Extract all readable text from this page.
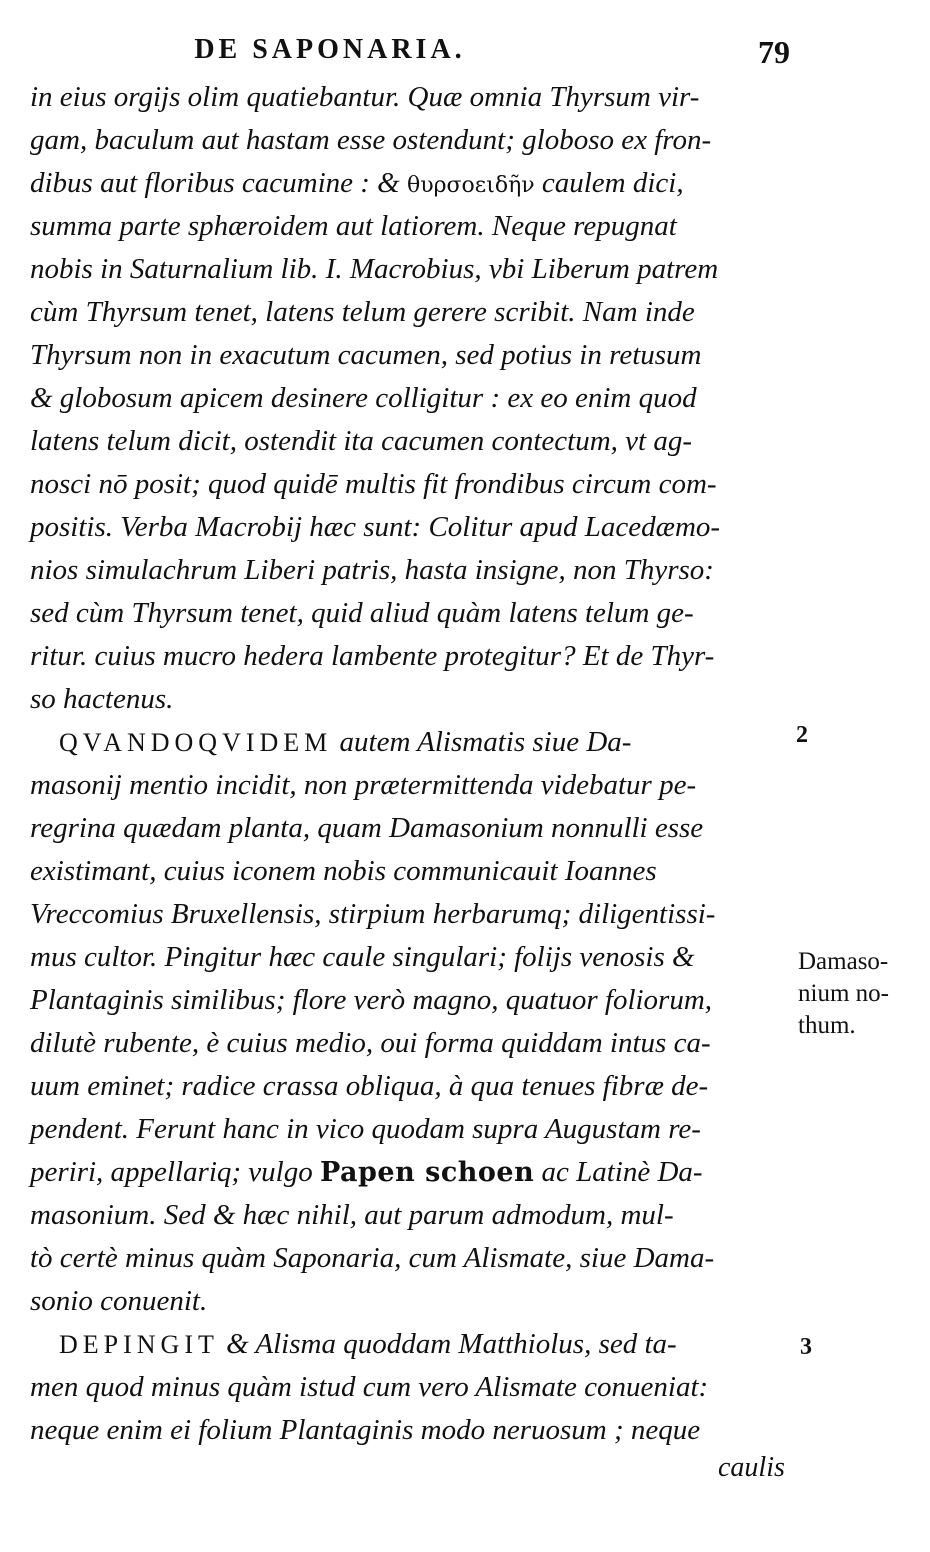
DE SAPONARIA.	79
in eius orgijs olim quatiebantur. Quæ omnia Thyrsum vir-
gam, baculum aut hastam esse ostendunt; globoso ex fron-
dibus aut floribus cacumine : & θυρσοειδῆν caulem dici,
summa parte sphæroidem aut latiorem. Neque repugnat
nobis in Saturnalium lib. I. Macrobius, vbi Liberum patrem
cùm Thyrsum tenet, latens telum gerere scribit. Nam inde
Thyrsum non in exacutum cacumen, sed potius in retusum
& globosum apicem desinere colligitur : ex eo enim quod
latens telum dicit, ostendit ita cacumen contectum, vt ag-
nosci nō posit; quod quidē multis fit frondibus circum com-
positis. Verba Macrobij hæc sunt: Colitur apud Lacedæmo-
nios simulachrum Liberi patris, hasta insigne, non Thyrso:
sed cùm Thyrsum tenet, quid aliud quàm latens telum ge-
ritur. cuius mucro hedera lambente protegitur? Et de Thyr-
so hactenus.
QVANDOQVIDEM autem Alismatis siue Da-
masonij mentio incidit, non prætermittenda videbatur pe-
regrina quædam planta, quam Damasonium nonnulli esse
existimant, cuius iconem nobis communicauit Ioannes
Vreccomius Bruxellensis, stirpium herbarumq; diligentissi-
mus cultor. Pingitur hæc caule singulari; folijs venosis &
Plantaginis similibus; flore verò magno, quatuor foliorum,
dilutè rubente, è cuius medio, oui forma quiddam intus ca-
uum eminet; radice crassa obliqua, à qua tenues fibræ de-
pendent. Ferunt hanc in vico quodam supra Augustam re-
periri, appellariq; vulgo Papen schoen ac Latinè Da-
masonium. Sed & hæc nihil, aut parum admodum, mul-
tò certè minus quàm Saponaria, cum Alismate, siue Dama-
sonio conuenit.
DEPINGIT & Alisma quoddam Matthiolus, sed ta-
men quod minus quàm istud cum vero Alismate conueniat:
neque enim ei folium Plantaginis modo neruosum ; neque
2
3
Damaso-
nium no-
thum.
caulis
